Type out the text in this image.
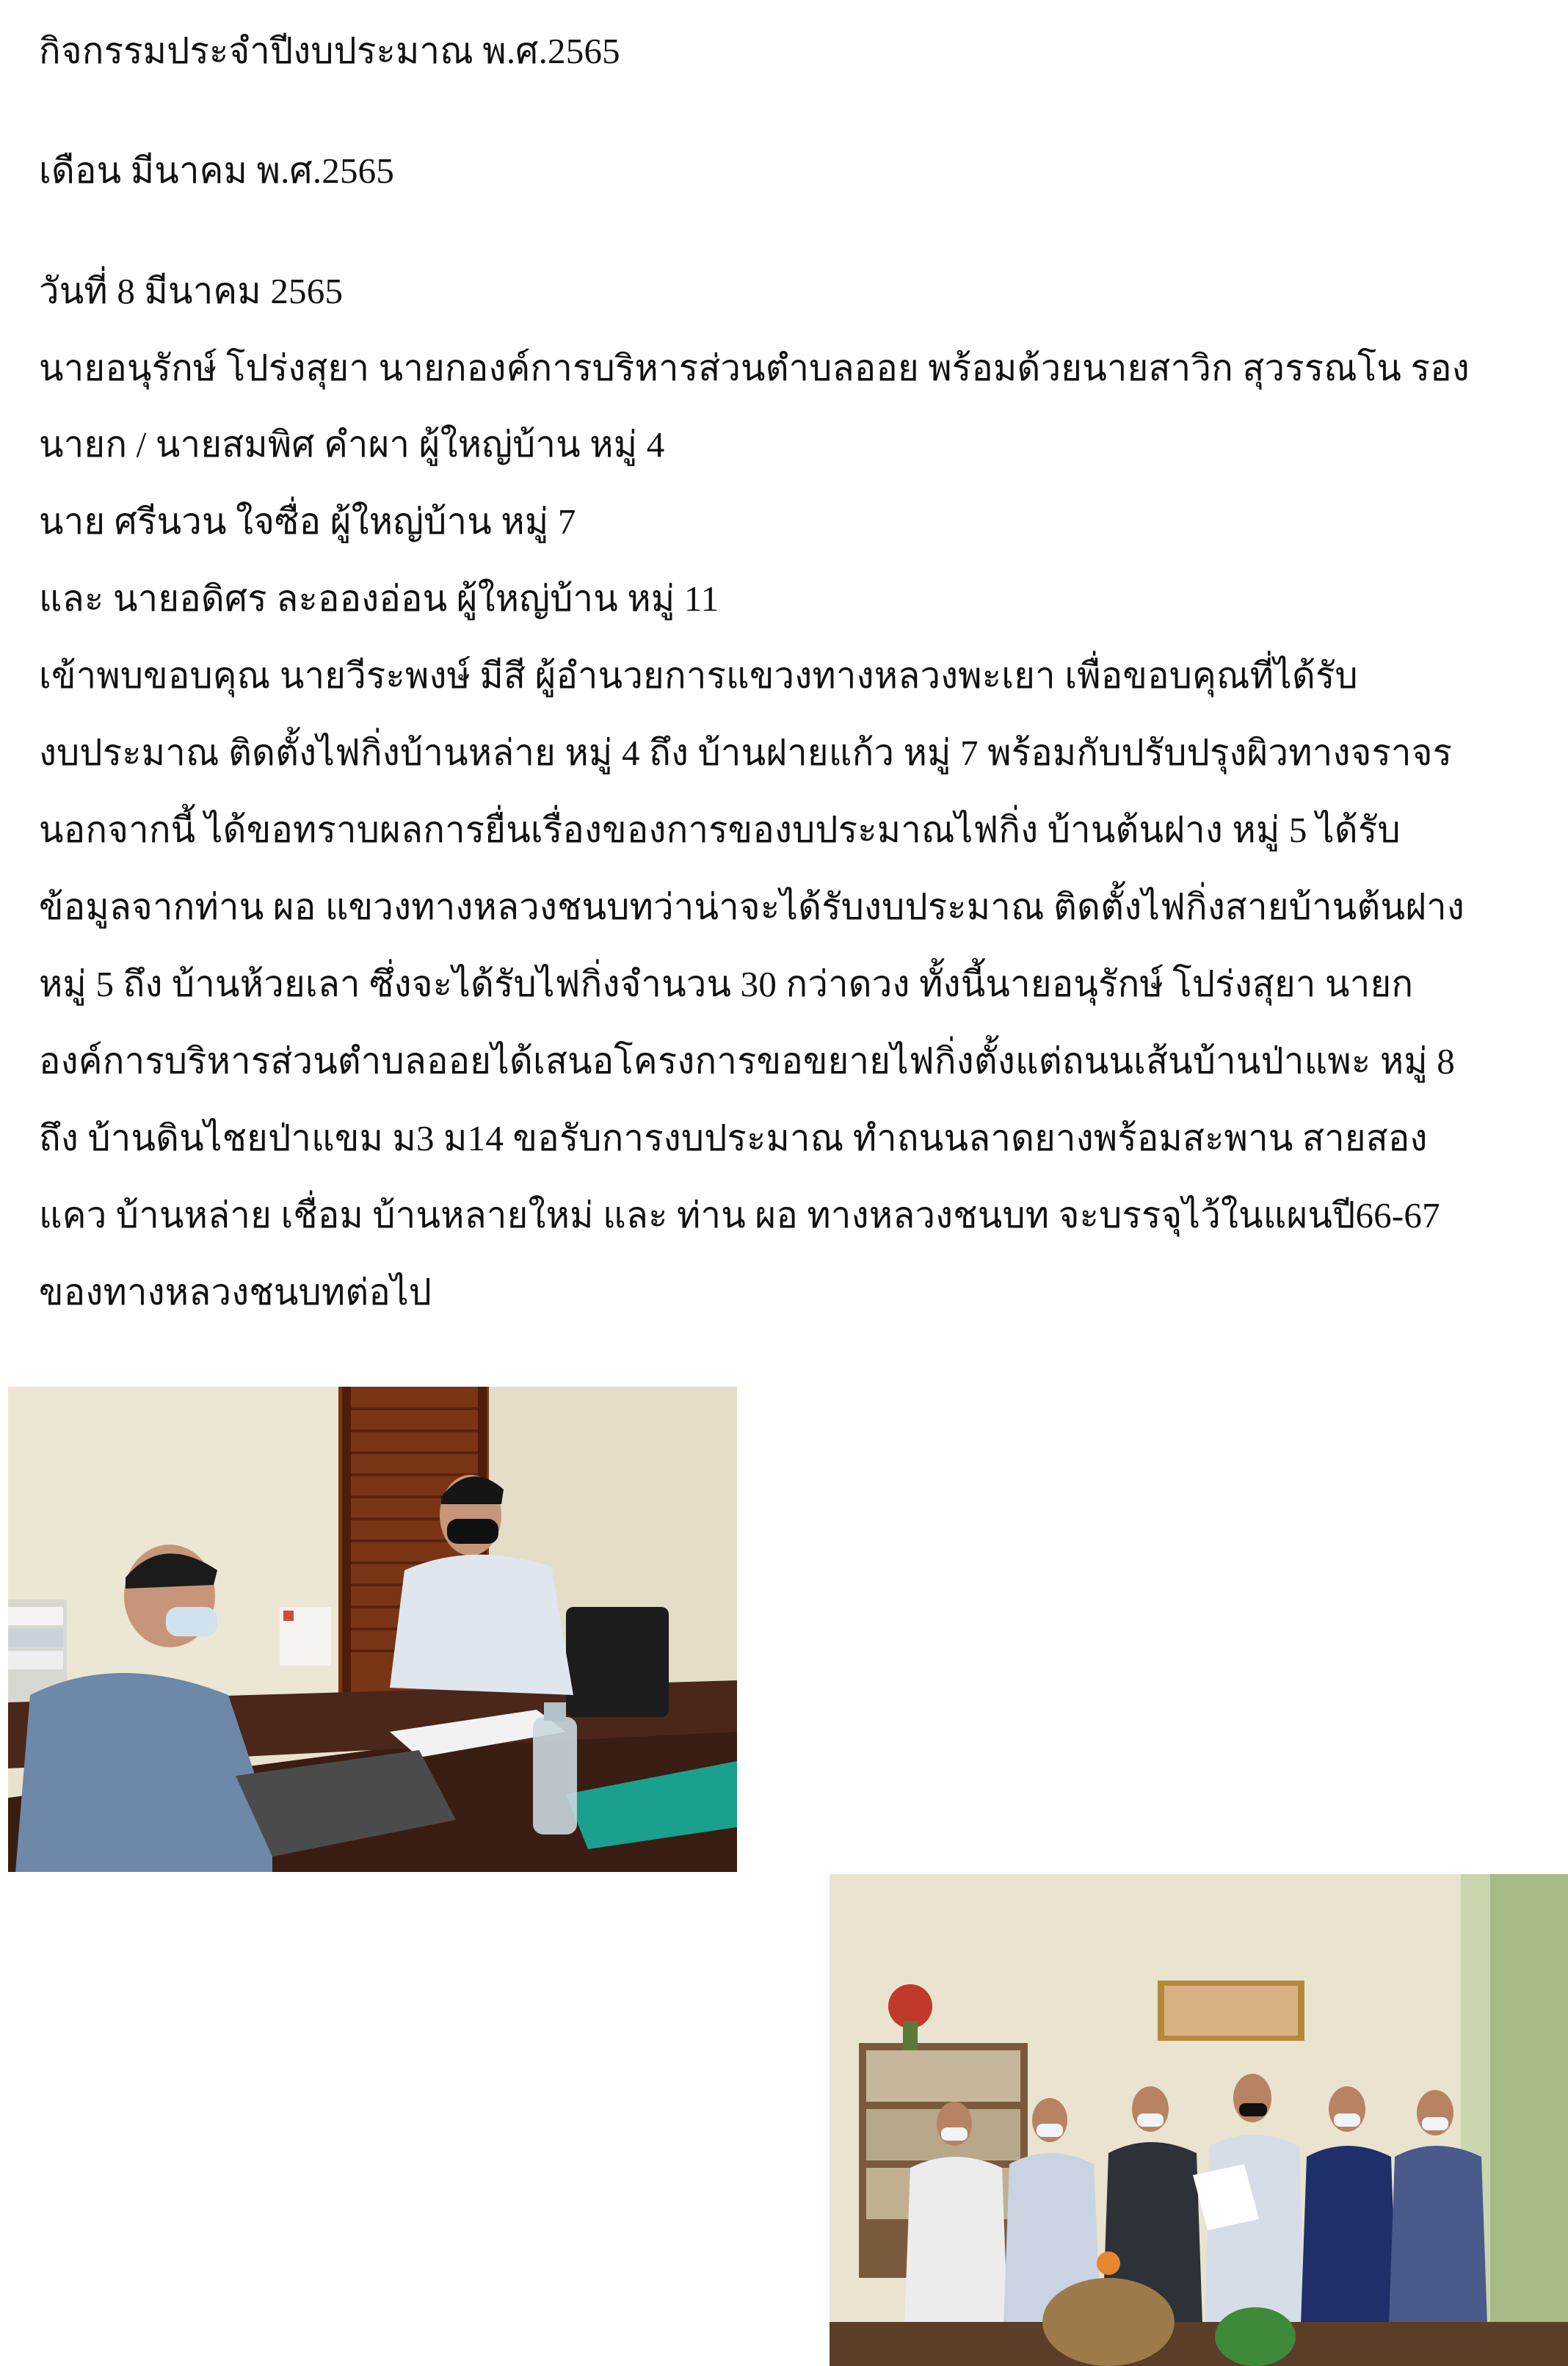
กิจกรรมประจำปีงบประมาณ พ.ศ.2565
เดือน มีนาคม พ.ศ.2565
วันที่ 8 มีนาคม 2565
นายอนุรักษ์ โปร่งสุยา นายกองค์การบริหารส่วนตำบลออย พร้อมด้วยนายสาวิก สุวรรณโน รอง
นายก / นายสมพิศ คำผา ผู้ใหญ่บ้าน หมู่ 4
นาย ศรีนวน ใจซื่อ ผู้ใหญ่บ้าน หมู่ 7
และ นายอดิศร ละอองอ่อน ผู้ใหญ่บ้าน หมู่ 11
เข้าพบขอบคุณ นายวีระพงษ์ มีสี ผู้อำนวยการแขวงทางหลวงพะเยา เพื่อขอบคุณที่ได้รับ
งบประมาณ ติดตั้งไฟกิ่งบ้านหล่าย หมู่ 4 ถึง บ้านฝายแก้ว หมู่ 7 พร้อมกับปรับปรุงผิวทางจราจร
นอกจากนี้ ได้ขอทราบผลการยื่นเรื่องของการของบประมาณไฟกิ่ง บ้านต้นฝาง หมู่ 5 ได้รับ
ข้อมูลจากท่าน ผอ แขวงทางหลวงชนบทว่าน่าจะได้รับงบประมาณ ติดตั้งไฟกิ่งสายบ้านต้นฝาง
หมู่ 5 ถึง บ้านห้วยเลา ซึ่งจะได้รับไฟกิ่งจำนวน 30 กว่าดวง ทั้งนี้นายอนุรักษ์ โปร่งสุยา นายก
องค์การบริหารส่วนตำบลออยได้เสนอโครงการขอขยายไฟกิ่งตั้งแต่ถนนเส้นบ้านป่าแพะ หมู่ 8
ถึง บ้านดินไชยป่าแขม ม3 ม14 ขอรับการงบประมาณ ทำถนนลาดยางพร้อมสะพาน สายสอง
แคว บ้านหล่าย เชื่อม บ้านหลายใหม่ และ ท่าน ผอ ทางหลวงชนบท จะบรรจุไว้ในแผนปี66-67
ของทางหลวงชนบทต่อไป
